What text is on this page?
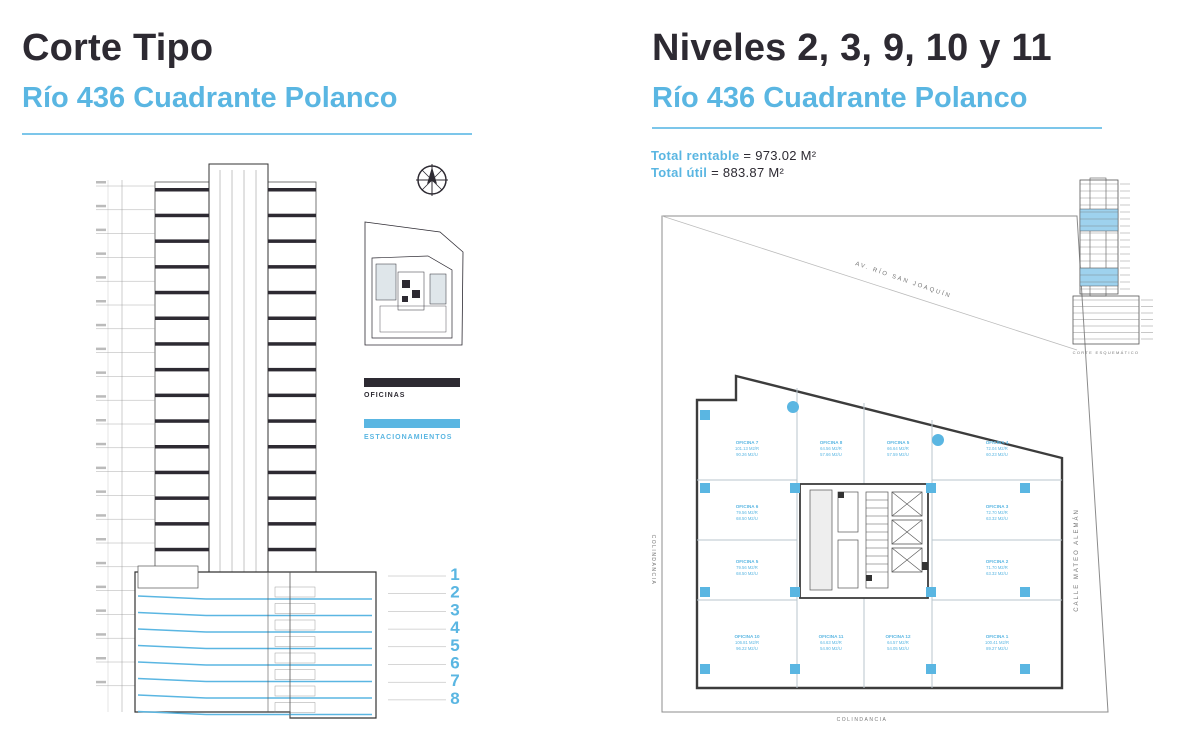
Corte Tipo
Río 436 Cuadrante Polanco
1
2
3
4
5
6
7
8
OFICINAS
ESTACIONAMIENTOS
Niveles 2, 3, 9, 10 y 11
Río 436 Cuadrante Polanco
Total rentable = 973.02 M²
Total útil = 883.87 M²
OFICINA 7
101.13 M2/R
90.26 M2/U
OFICINA 8
64.56 M2/R
57.66 M2/U
OFICINA 5
66.64 M2/R
57.59 M2/U
OFICINA 4
72.04 M2/R
60.23 M2/U
OFICINA 6
79.56 M2/R
68.50 M2/U
OFICINA 3
72.70 M2/R
63.32 M2/U
OFICINA 5
79.56 M2/R
68.50 M2/U
OFICINA 2
71.70 M2/R
63.32 M2/U
OFICINA 10
106.81 M2/R
96.22 M2/U
OFICINA 11
64.63 M2/R
54.90 M2/U
OFICINA 12
64.57 M2/R
54.05 M2/U
OFICINA 1
100.41 M2/R
89.27 M2/U
AV. RÍO SAN JOAQUÍN
CALLE MATEO ALEMÁN
COLINDANCIA
COLINDANCIA
CORTE ESQUEMÁTICO
